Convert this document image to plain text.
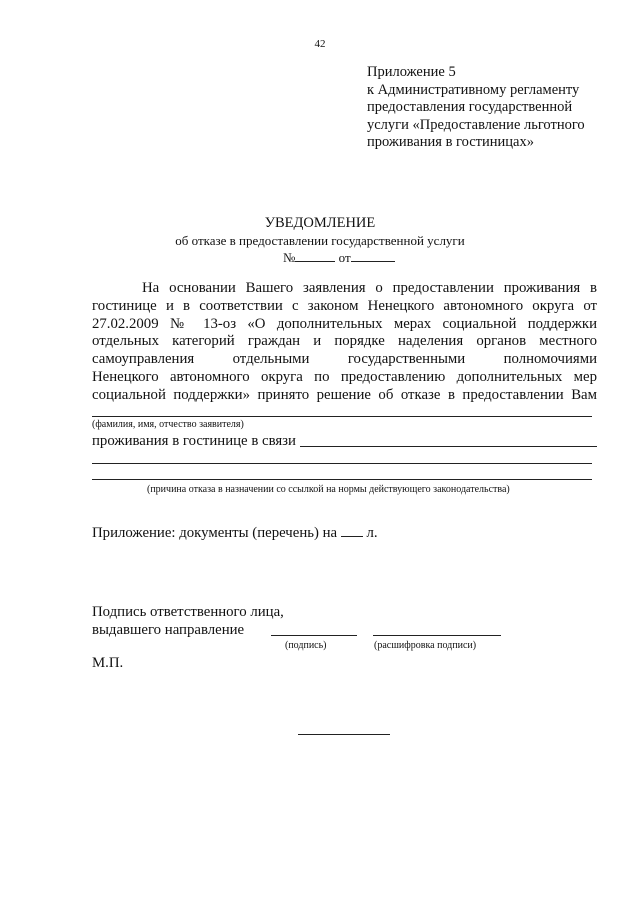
42
Приложение 5
к Административному регламенту
предоставления государственной
услуги «Предоставление льготного
проживания в гостиницах»
УВЕДОМЛЕНИЕ
об отказе в предоставлении государственной услуги
№	от
На основании Вашего заявления о предоставлении проживания в
гостинице и в соответствии с законом Ненецкого автономного округа от
27.02.2009 № 13-оз «О дополнительных мерах социальной поддержки
отдельных категорий граждан и порядке наделения органов местного
самоуправления отдельными государственными полномочиями
Ненецкого автономного округа по предоставлению дополнительных мер
социальной поддержки» принято решение об отказе в предоставлении Вам
(фамилия, имя, отчество заявителя)
проживания в гостинице в связи
(причина отказа в назначении со ссылкой на нормы действующего законодательства)
Приложение: документы (перечень) на л.
Подпись ответственного лица,
выдавшего направление
(подпись)	(расшифровка подписи)
М.П.
